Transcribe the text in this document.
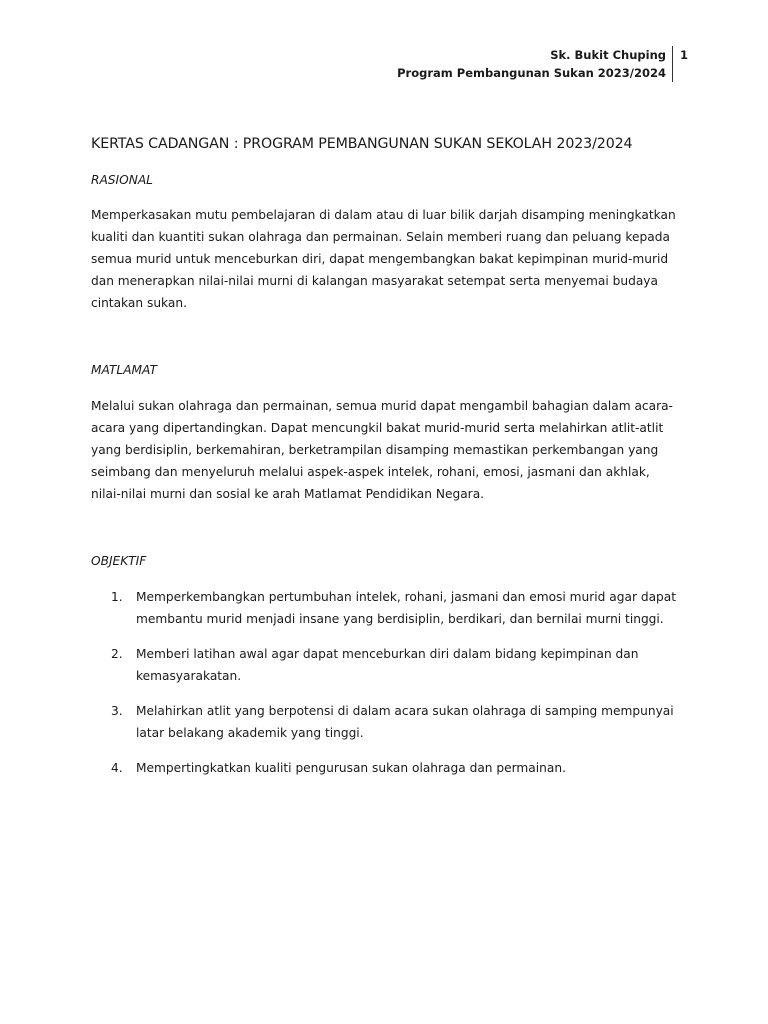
Sk. Bukit Chuping
Program Pembangunan Sukan 2023/2024
1
KERTAS CADANGAN : PROGRAM PEMBANGUNAN SUKAN SEKOLAH 2023/2024
RASIONAL

Memperkasakan mutu pembelajaran di dalam atau di luar bilik darjah disamping meningkatkan kualiti dan kuantiti sukan olahraga dan permainan. Selain memberi ruang dan peluang kepada semua murid untuk menceburkan diri, dapat mengembangkan bakat kepimpinan murid-murid dan menerapkan nilai-nilai murni di kalangan masyarakat setempat serta menyemai budaya cintakan sukan.

MATLAMAT

Melalui sukan olahraga dan permainan, semua murid dapat mengambil bahagian dalam acara-acara yang dipertandingkan. Dapat mencungkil bakat murid-murid serta melahirkan atlit-atlit yang berdisiplin, berkemahiran, berketrampilan disamping memastikan perkembangan yang seimbang dan menyeluruh melalui aspek-aspek intelek, rohani, emosi, jasmani dan akhlak, nilai-nilai murni dan sosial ke arah Matlamat Pendidikan Negara.

OBJEKTIF
1. Memperkembangkan pertumbuhan intelek, rohani, jasmani dan emosi murid agar dapat membantu murid menjadi insane yang berdisiplin, berdikari, dan bernilai murni tinggi.
2. Memberi latihan awal agar dapat menceburkan diri dalam bidang kepimpinan dan kemasyarakatan.
3. Melahirkan atlit yang berpotensi di dalam acara sukan olahraga di samping mempunyai latar belakang akademik yang tinggi.
4. Mempertingkatkan kualiti pengurusan sukan olahraga dan permainan.
